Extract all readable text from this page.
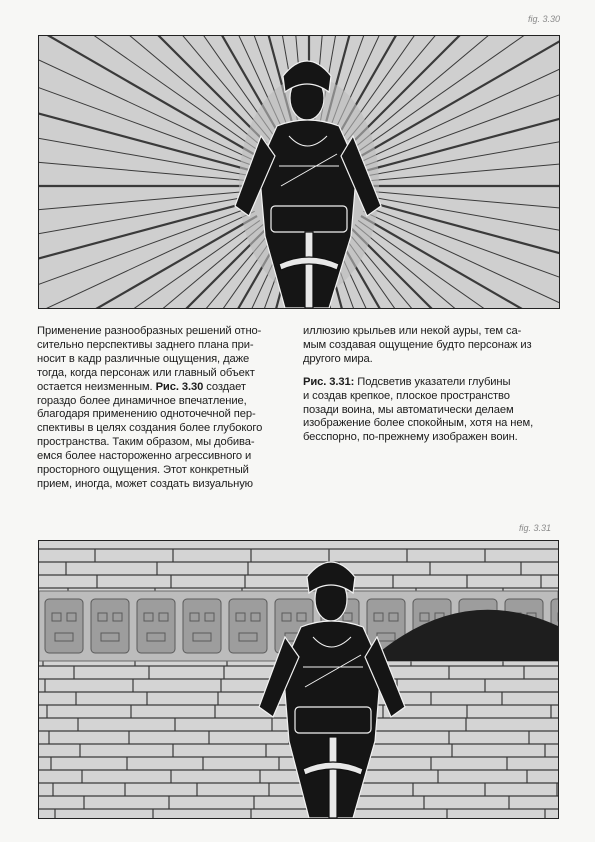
fig. 3.30
Применение разнообразных решений отно-
сительно перспективы заднего плана при-
носит в кадр различные ощущения, даже
тогда, когда персонаж или главный объект
остается неизменным. Рис. 3.30 создает
гораздо более динамичное впечатление,
благодаря применению одноточечной пер-
спективы в целях создания более глубокого
пространства. Таким образом, мы добива-
емся более настороженно агрессивного и
просторного ощущения. Этот конкретный
прием, иногда, может создать визуальную

иллюзию крыльев или некой ауры, тем са-
мым создавая ощущение будто персонаж из
другого мира.

Рис. 3.31: Подсветив указатели глубины
и создав крепкое, плоское пространство
позади воина, мы автоматически делаем
изображение более спокойным, хотя на нем,
бесспорно, по-прежнему изображен воин.

fig. 3.31
